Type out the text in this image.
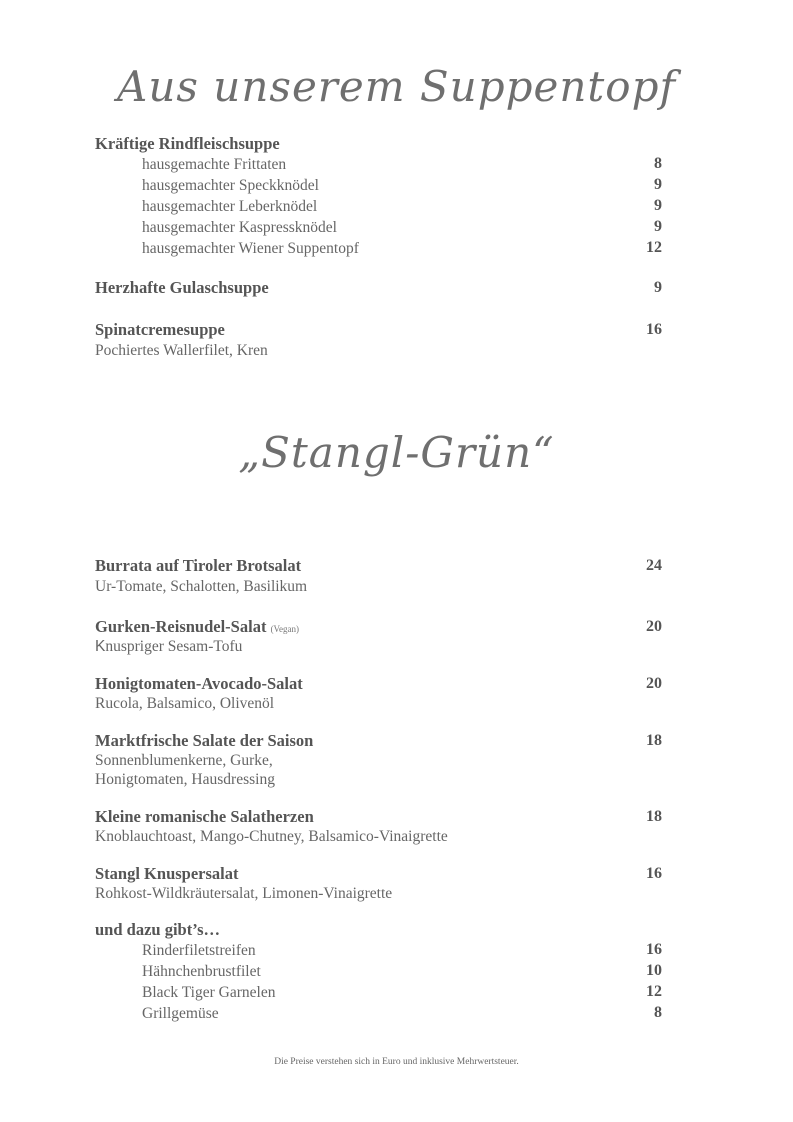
Aus unserem Suppentopf
Kräftige Rindfleischsuppe
hausgemachte Frittaten	8
hausgemachter Speckknödel	9
hausgemachter Leberknödel	9
hausgemachter Kaspressknödel	9
hausgemachter Wiener Suppentopf	12
Herzhafte Gulaschsuppe	9
Spinatcremesuppe	16
Pochiertes Wallerfilet, Kren
„Stangl-Grün“
Burrata auf Tiroler Brotsalat	24
Ur-Tomate, Schalotten, Basilikum
Gurken-Reisnudel-Salat (Vegan)	20
Knuspriger Sesam-Tofu
Honigtomaten-Avocado-Salat	20
Rucola, Balsamico, Olivenöl
Marktfrische Salate der Saison	18
Sonnenblumenkerne, Gurke,
Honigtomaten, Hausdressing
Kleine romanische Salatherzen	18
Knoblauchtoast, Mango-Chutney, Balsamico-Vinaigrette
Stangl Knuspersalat	16
Rohkost-Wildkräutersalat, Limonen-Vinaigrette
und dazu gibt’s…
Rinderfiletstreifen	16
Hähnchenbrustfilet	10
Black Tiger Garnelen	12
Grillgemüse	8
Die Preise verstehen sich in Euro und inklusive Mehrwertsteuer.
